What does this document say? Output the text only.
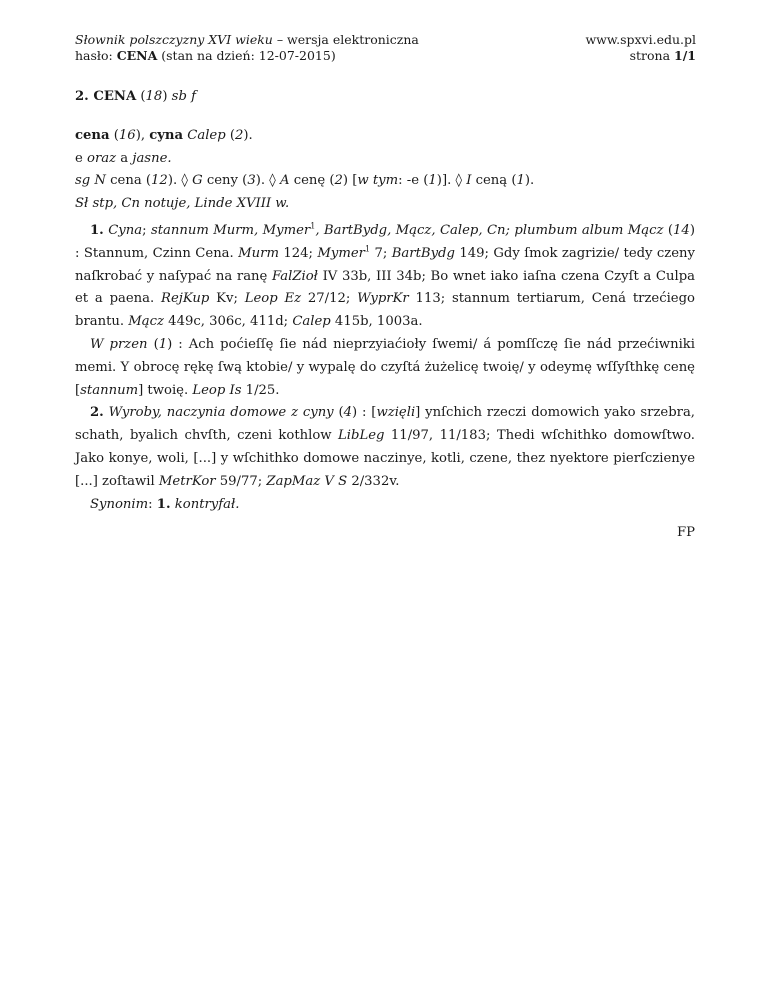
Słownik polszczyzny XVI wieku – wersja elektroniczna
hasło: CENA (stan na dzień: 12-07-2015)
www.spxvi.edu.pl
strona 1/1

2. CENA (18) sb f

cena (16), cyna Calep (2).

e oraz a jasne.

sg N cena (12). ◊ G ceny (3). ◊ A cenę (2) [w tym: -e (1)]. ◊ I ceną (1).

Sł stp, Cn notuje, Linde XVIII w.

1. Cyna; stannum Murm, Mymer$^1$, BartBydg, Mącz, Calep, Cn; plumbum album Mącz (14) : Stannum, Czinn Cena. Murm 124; Mymer$^1$ 7; BartBydg 149; Gdy ſmok zagrizie/ tedy czeny naſkrobać y naſypać na ranę FalZioł IV 33b, III 34b; Bo wnet iako iaſna czena Czyſt a Culpa et a paena. RejKup Kv; Leop Ez 27/12; WyprKr 113; stannum tertiarum, Cená trzećiego brantu. Mącz 449c, 306c, 411d; Calep 415b, 1003a.

W przen (1) : Ach poćieſſę ſie nád nieprzyiaćioły ſwemi/ á pomſſczę ſie nád przećiwniki memi. Y obrocę rękę ſwą ktobie/ y wypalę do czyſtá żużelicę twoię/ y odeymę wſſyſthkę cenę [stannum] twoię. Leop Is 1/25.

2. Wyroby, naczynia domowe z cyny (4) : [wzięli] ynſchich rzeczi domowich yako srzebra, schath, byalich chvſth, czeni kothlow LibLeg 11/97, 11/183; Thedi wſchithko domowſtwo. Jako konye, woli, [...] y wſchithko domowe naczinye, kotli, czene, thez nyektore pierſczienye [...] zoſtawil MetrKor 59/77; ZapMaz V S 2/332v.

Synonim: 1. kontryfał.

FP
